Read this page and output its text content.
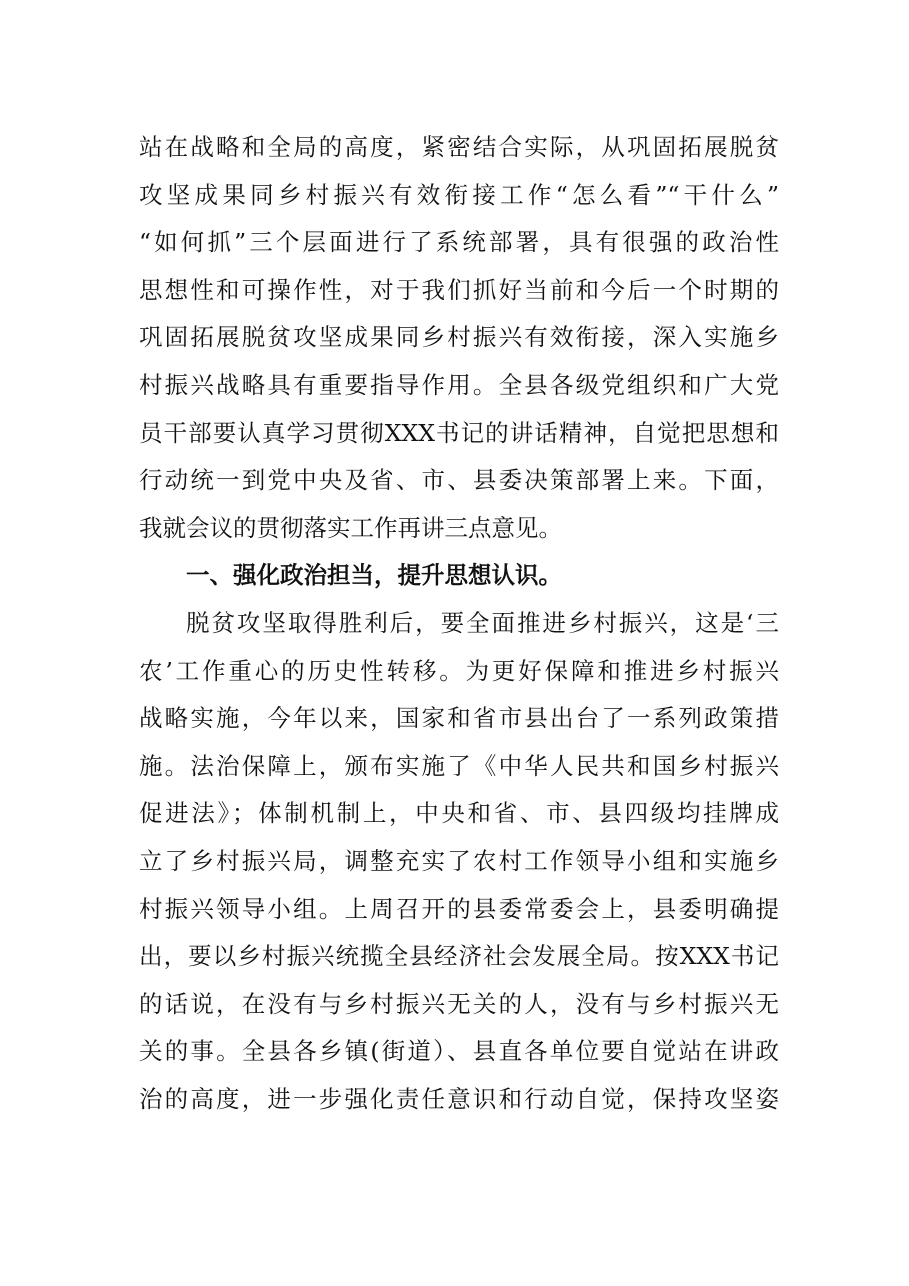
站在战略和全局的高度，紧密结合实际，从巩固拓展脱贫
攻坚成果同乡村振兴有效衔接工作“怎么看”“干什么”
“如何抓”三个层面进行了系统部署，具有很强的政治性
思想性和可操作性，对于我们抓好当前和今后一个时期的
巩固拓展脱贫攻坚成果同乡村振兴有效衔接，深入实施乡
村振兴战略具有重要指导作用。全县各级党组织和广大党
员干部要认真学习贯彻XXX书记的讲话精神，自觉把思想和
行动统一到党中央及省、市、县委决策部署上来。下面，
我就会议的贯彻落实工作再讲三点意见。
一、强化政治担当，提升思想认识。
脱贫攻坚取得胜利后，要全面推进乡村振兴，这是‘三
农’工作重心的历史性转移。为更好保障和推进乡村振兴
战略实施，今年以来，国家和省市县出台了一系列政策措
施。法治保障上，颁布实施了《中华人民共和国乡村振兴
促进法》；体制机制上，中央和省、市、县四级均挂牌成
立了乡村振兴局，调整充实了农村工作领导小组和实施乡
村振兴领导小组。上周召开的县委常委会上，县委明确提
出，要以乡村振兴统揽全县经济社会发展全局。按XXX书记
的话说，在没有与乡村振兴无关的人，没有与乡村振兴无
关的事。全县各乡镇(街道）、县直各单位要自觉站在讲政
治的高度，进一步强化责任意识和行动自觉，保持攻坚姿
